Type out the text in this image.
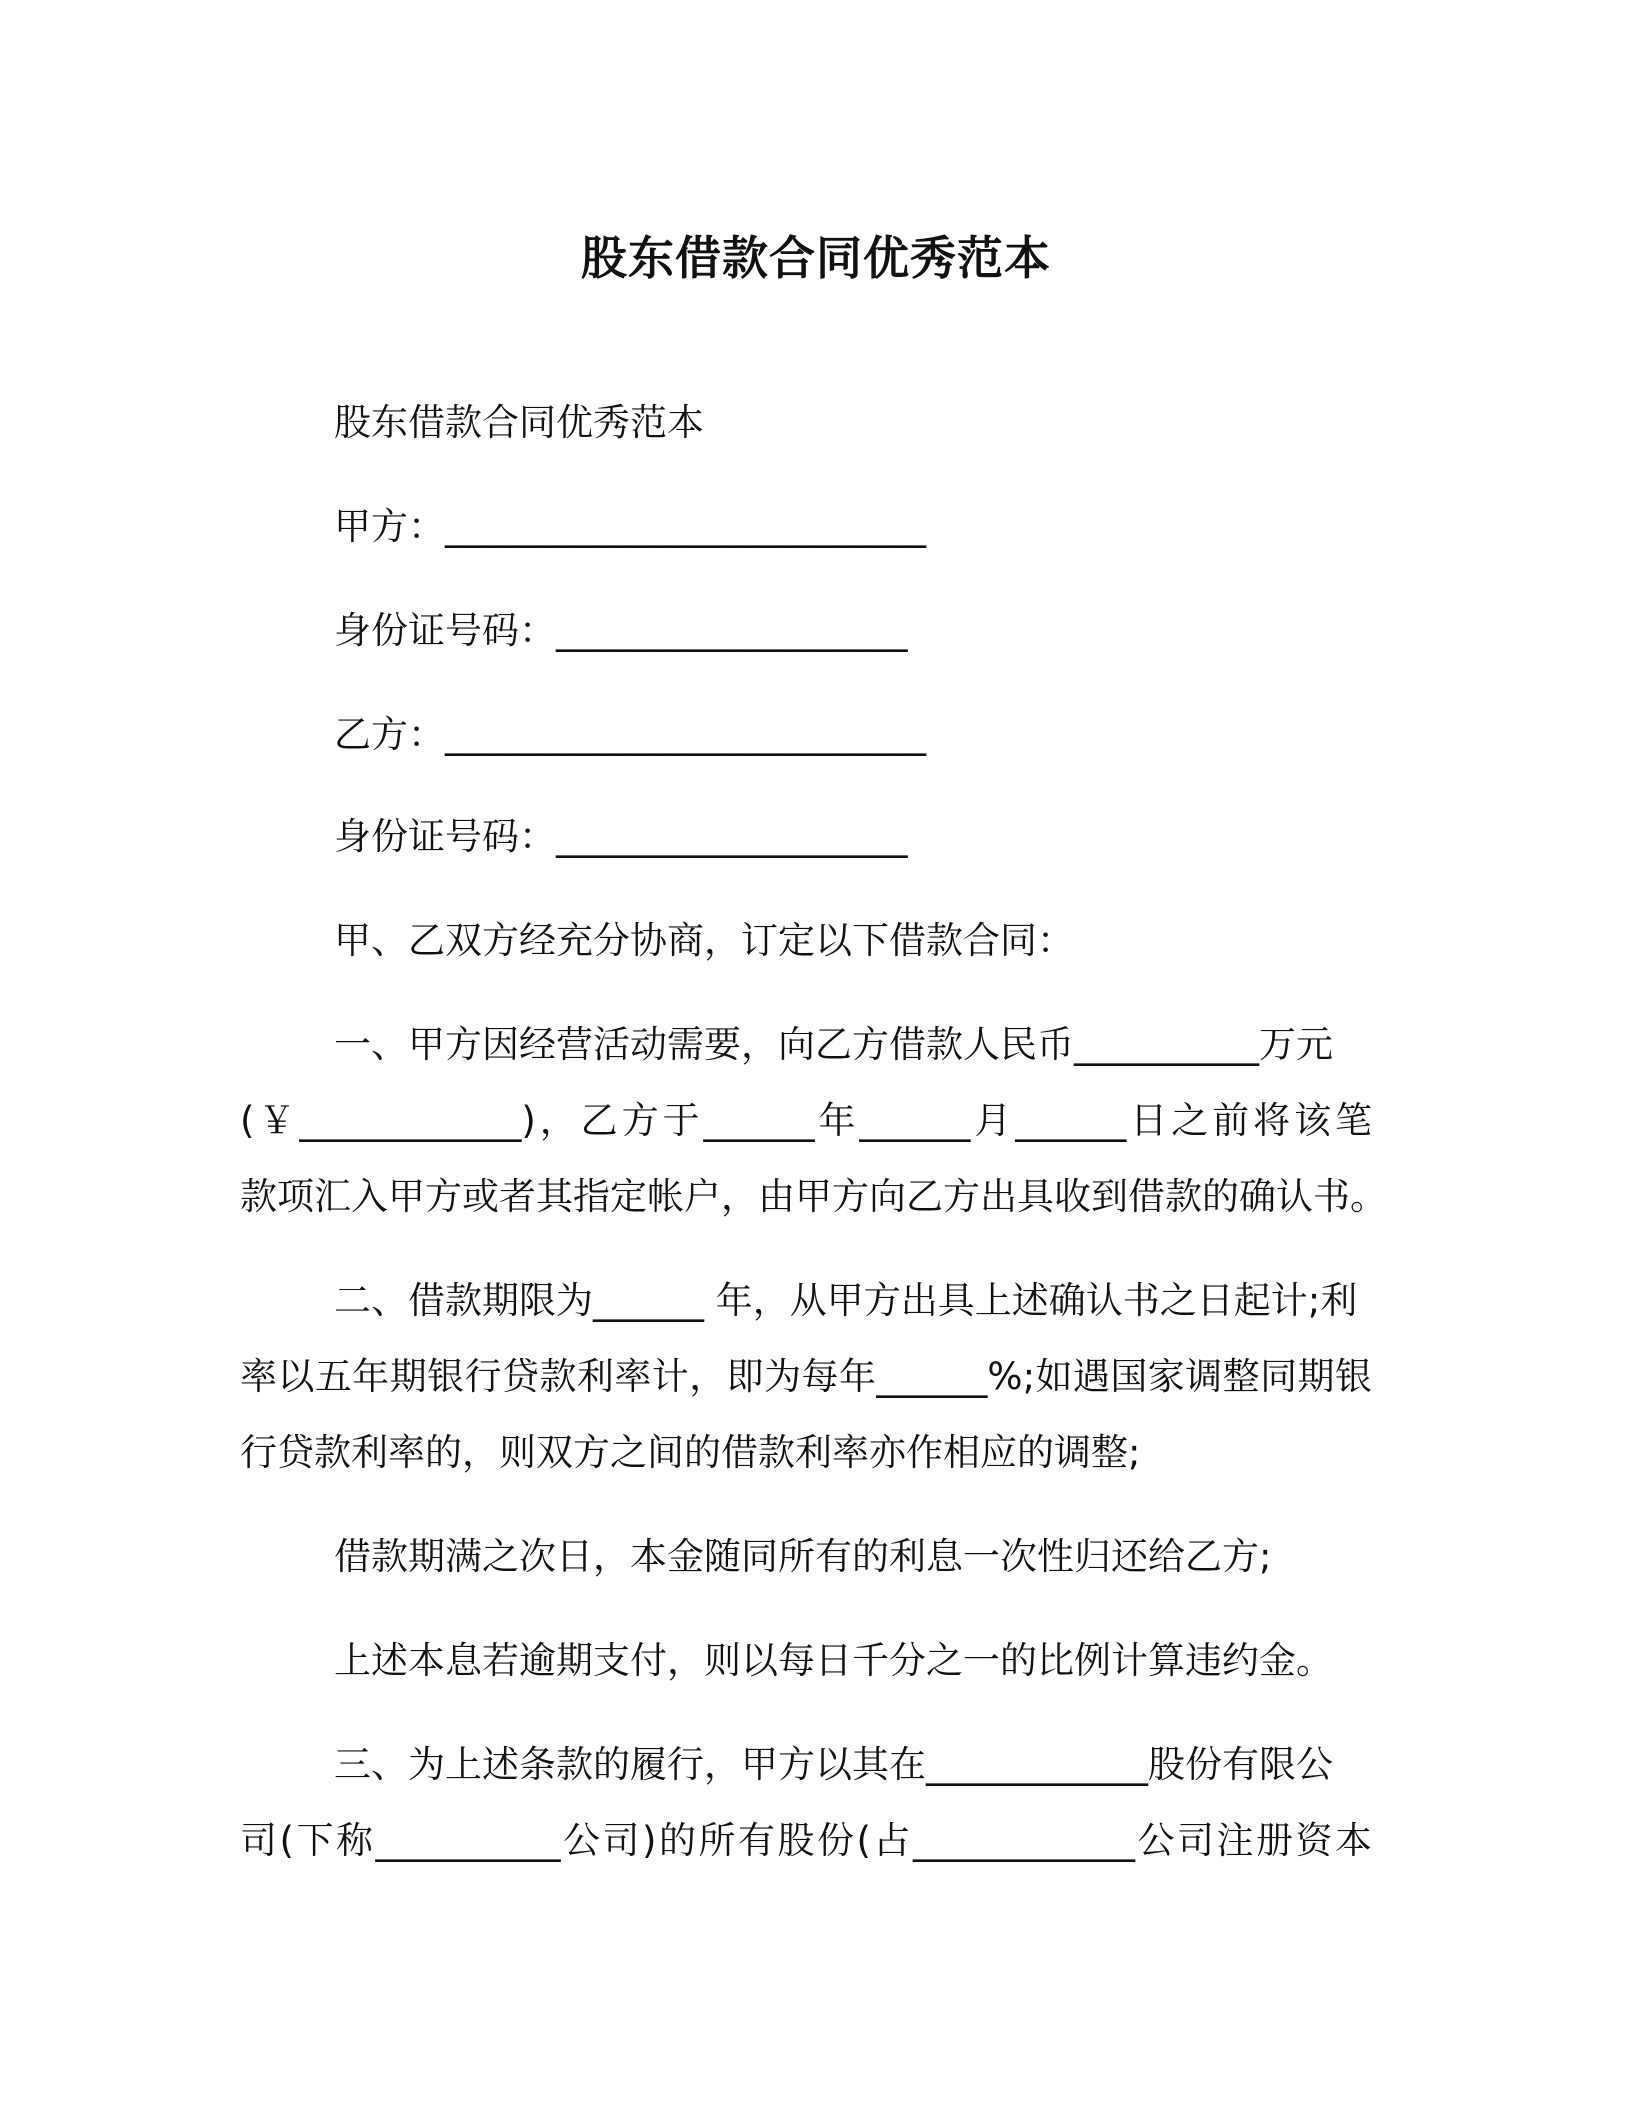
股东借款合同优秀范本
股东借款合同优秀范本
甲方：__________________________
身份证号码：___________________
乙方：__________________________
身份证号码：___________________
甲、乙双方经充分协商，订定以下借款合同：
一、甲方因经营活动需要，向乙方借款人民币__________万元
(￥____________)，乙方于______年______月______日之前将该笔
款项汇入甲方或者其指定帐户，由甲方向乙方出具收到借款的确认书。
二、借款期限为______ 年，从甲方出具上述确认书之日起计;利
率以五年期银行贷款利率计，即为每年______%;如遇国家调整同期银
行贷款利率的，则双方之间的借款利率亦作相应的调整;
借款期满之次日，本金随同所有的利息一次性归还给乙方;
上述本息若逾期支付，则以每日千分之一的比例计算违约金。
三、为上述条款的履行，甲方以其在____________股份有限公
司(下称__________公司)的所有股份(占____________公司注册资本
